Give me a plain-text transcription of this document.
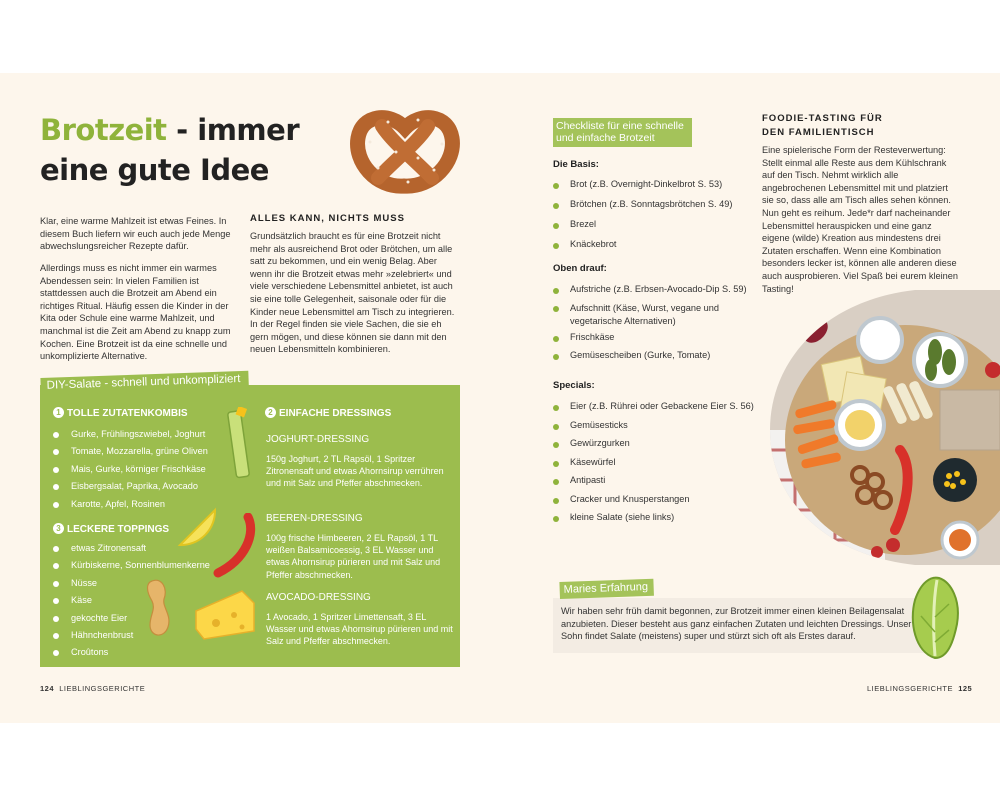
Brotzeit - immer
eine gute Idee
Klar, eine warme Mahlzeit ist etwas Feines. In diesem Buch liefern wir euch auch jede Menge abwechslungsreicher Rezepte dafür.
Allerdings muss es nicht immer ein warmes Abendessen sein: In vielen Familien ist stattdessen auch die Brotzeit am Abend ein richtiges Ritual. Häufig essen die Kinder in der Kita oder Schule eine warme Mahlzeit, und manchmal ist die Zeit am Abend zu knapp zum Kochen. Eine Brotzeit ist da eine schnelle und unkomplizierte Alternative.
ALLES KANN, NICHTS MUSS
Grundsätzlich braucht es für eine Brotzeit nicht mehr als ausreichend Brot oder Brötchen, um alle satt zu bekommen, und ein wenig Belag. Aber wenn ihr die Brotzeit etwas mehr »zelebriert« und viele verschiedene Lebensmittel anbietet, ist auch sie eine tolle Gelegenheit, saisonale oder für die Kinder neue Lebensmittel am Tisch zu integrieren. In der Regel finden sie viele Sachen, die sie eh gern mögen, und diese können sie dann mit den neuen Lebensmitteln kombinieren.
1 TOLLE ZUTATENKOMBIS
Gurke, Frühlingszwiebel, Joghurt
Tomate, Mozzarella, grüne Oliven
Mais, Gurke, körniger Frischkäse
Eisbergsalat, Paprika, Avocado
Karotte, Apfel, Rosinen
3 LECKERE TOPPINGS
etwas Zitronensaft
Kürbiskerne, Sonnenblumenkerne
Nüsse
Käse
gekochte Eier
Hähnchenbrust
Croûtons
2 EINFACHE DRESSINGS
JOGHURT-DRESSING
150g Joghurt, 2 TL Rapsöl, 1 Spritzer Zitronensaft und etwas Ahornsirup verrühren und mit Salz und Pfeffer abschmecken.
BEEREN-DRESSING
100g frische Himbeeren, 2 EL Rapsöl, 1 TL weißen Balsamicoessig, 3 EL Wasser und etwas Ahornsirup pürieren und mit Salz und Pfeffer abschmecken.
AVOCADO-DRESSING
1 Avocado, 1 Spritzer Limettensaft, 3 EL Wasser und etwas Ahornsirup pürieren und mit Salz und Pfeffer abschmecken.
DIY-Salate - schnell und unkompliziert
124 LIEBLINGSGERICHTE
Checkliste für eine schnelle und einfache Brotzeit
Die Basis:
Brot (z.B. Overnight-Dinkelbrot S. 53)
Brötchen (z.B. Sonntagsbrötchen S. 49)
Brezel
Knäckebrot
Oben drauf:
Aufstriche (z.B. Erbsen-Avocado-Dip S. 59)
Aufschnitt (Käse, Wurst, vegane und vegetarische Alternativen)
Frischkäse
Gemüsescheiben (Gurke, Tomate)
Specials:
Eier (z.B. Rührei oder Gebackene Eier S. 56)
Gemüsesticks
Gewürzgurken
Käsewürfel
Antipasti
Cracker und Knusperstangen
kleine Salate (siehe links)
FOODIE-TASTING FÜR
DEN FAMILIENTISCH
Eine spielerische Form der Resteverwertung: Stellt einmal alle Reste aus dem Kühlschrank auf den Tisch. Nehmt wirklich alle angebrochenen Lebensmittel mit und platziert sie so, dass alle am Tisch alles sehen können. Nun geht es reihum. Jede*r darf nacheinander Lebensmittel herauspicken und eine ganz eigene (wilde) Kreation aus mindestens drei Zutaten erschaffen. Wenn eine Kombination besonders lecker ist, können alle anderen diese auch ausprobieren. Viel Spaß bei eurem kleinen Tasting!
Wir haben sehr früh damit begonnen, zur Brotzeit immer einen kleinen Beilagensalat anzubieten. Dieser besteht aus ganz einfachen Zutaten und leichten Dressings. Unser Sohn findet Salate (meistens) super und stürzt sich oft als Erstes darauf.
Maries Erfahrung
LIEBLINGSGERICHTE 125
